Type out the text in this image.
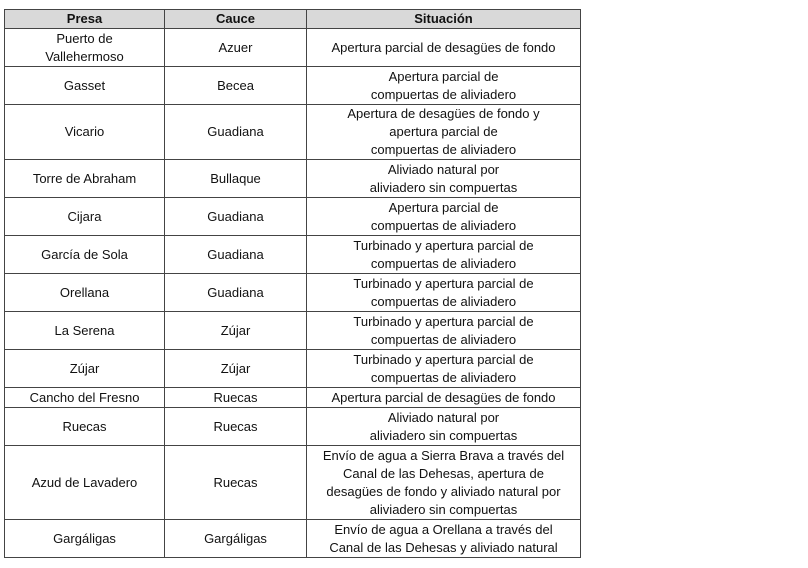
Presa	Cauce	Situación
Puerto de
Vallehermoso	Azuer	Apertura parcial de desagües de fondo
Gasset	Becea	Apertura parcial de
compuertas de aliviadero
Vicario	Guadiana	Apertura de desagües de fondo y
apertura parcial de
compuertas de aliviadero
Torre de Abraham	Bullaque	Aliviado natural por
aliviadero sin compuertas
Cijara	Guadiana	Apertura parcial de
compuertas de aliviadero
García de Sola	Guadiana	Turbinado y apertura parcial de
compuertas de aliviadero
Orellana	Guadiana	Turbinado y apertura parcial de
compuertas de aliviadero
La Serena	Zújar	Turbinado y apertura parcial de
compuertas de aliviadero
Zújar	Zújar	Turbinado y apertura parcial de
compuertas de aliviadero
Cancho del Fresno	Ruecas	Apertura parcial de desagües de fondo
Ruecas	Ruecas	Aliviado natural por
aliviadero sin compuertas
Azud de Lavadero	Ruecas	Envío de agua a Sierra Brava a través del
Canal de las Dehesas, apertura de
desagües de fondo y aliviado natural por
aliviadero sin compuertas
Gargáligas	Gargáligas	Envío de agua a Orellana a través del
Canal de las Dehesas y aliviado natural
